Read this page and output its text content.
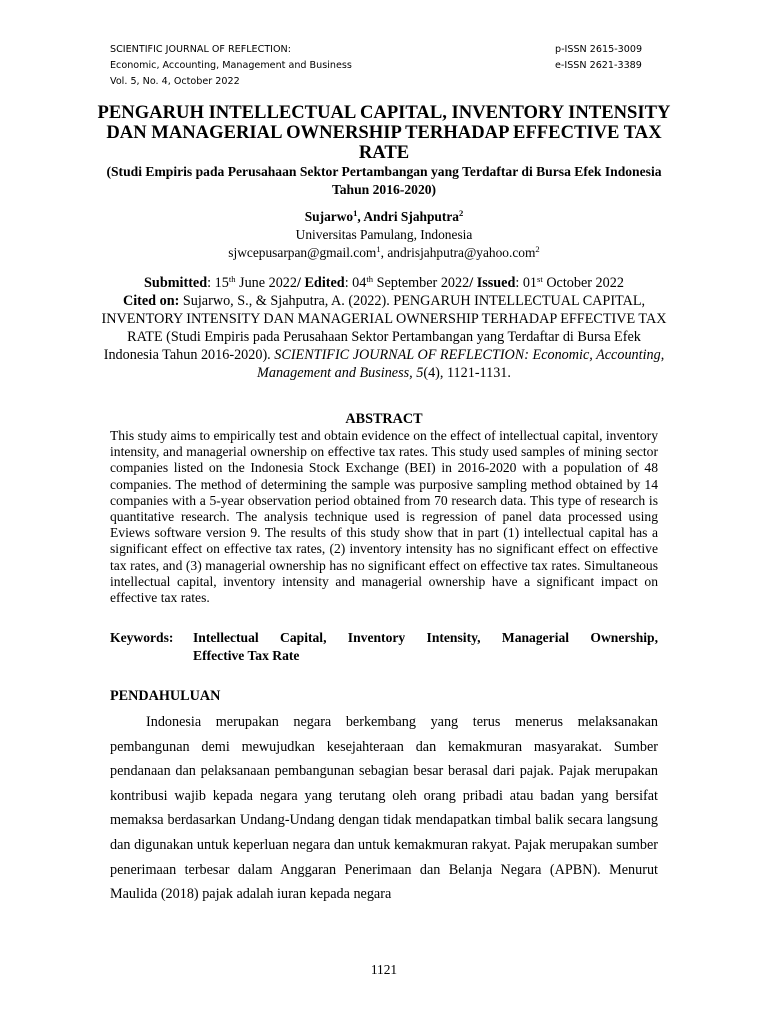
SCIENTIFIC JOURNAL OF REFLECTION:
Economic, Accounting, Management and Business
Vol. 5, No. 4, October 2022
p-ISSN 2615-3009
e-ISSN 2621-3389
PENGARUH INTELLECTUAL CAPITAL, INVENTORY INTENSITY DAN MANAGERIAL OWNERSHIP TERHADAP EFFECTIVE TAX RATE
(Studi Empiris pada Perusahaan Sektor Pertambangan yang Terdaftar di Bursa Efek Indonesia Tahun 2016-2020)
Sujarwo$^1$, Andri Sjahputra$^2$
Universitas Pamulang, Indonesia
sjwcepusarpan@gmail.com$^1$, andrisjahputra@yahoo.com$^2$
Submitted: 15th June 2022/ Edited: 04th September 2022/ Issued: 01st October 2022
Cited on: Sujarwo, S., & Sjahputra, A. (2022). PENGARUH INTELLECTUAL CAPITAL, INVENTORY INTENSITY DAN MANAGERIAL OWNERSHIP TERHADAP EFFECTIVE TAX RATE (Studi Empiris pada Perusahaan Sektor Pertambangan yang Terdaftar di Bursa Efek Indonesia Tahun 2016-2020). SCIENTIFIC JOURNAL OF REFLECTION: Economic, Accounting, Management and Business, 5(4), 1121-1131.
ABSTRACT
This study aims to empirically test and obtain evidence on the effect of intellectual capital, inventory intensity, and managerial ownership on effective tax rates. This study used samples of mining sector companies listed on the Indonesia Stock Exchange (BEI) in 2016-2020 with a population of 48 companies. The method of determining the sample was purposive sampling method obtained by 14 companies with a 5-year observation period obtained from 70 research data. This type of research is quantitative research. The analysis technique used is regression of panel data processed using Eviews software version 9. The results of this study show that in part (1) intellectual capital has a significant effect on effective tax rates, (2) inventory intensity has no significant effect on effective tax rates, and (3) managerial ownership has no significant effect on effective tax rates. Simultaneous intellectual capital, inventory intensity and managerial ownership have a significant impact on effective tax rates.
Keywords:	Intellectual Capital, Inventory Intensity, Managerial Ownership,
Effective Tax Rate
PENDAHULUAN
Indonesia merupakan negara berkembang yang terus menerus melaksanakan pembangunan demi mewujudkan kesejahteraan dan kemakmuran masyarakat. Sumber pendanaan dan pelaksanaan pembangunan sebagian besar berasal dari pajak. Pajak merupakan kontribusi wajib kepada negara yang terutang oleh orang pribadi atau badan yang bersifat memaksa berdasarkan Undang-Undang dengan tidak mendapatkan timbal balik secara langsung dan digunakan untuk keperluan negara dan untuk kemakmuran rakyat. Pajak merupakan sumber penerimaan terbesar dalam Anggaran Penerimaan dan Belanja Negara (APBN). Menurut Maulida (2018) pajak adalah iuran kepada negara
1121
